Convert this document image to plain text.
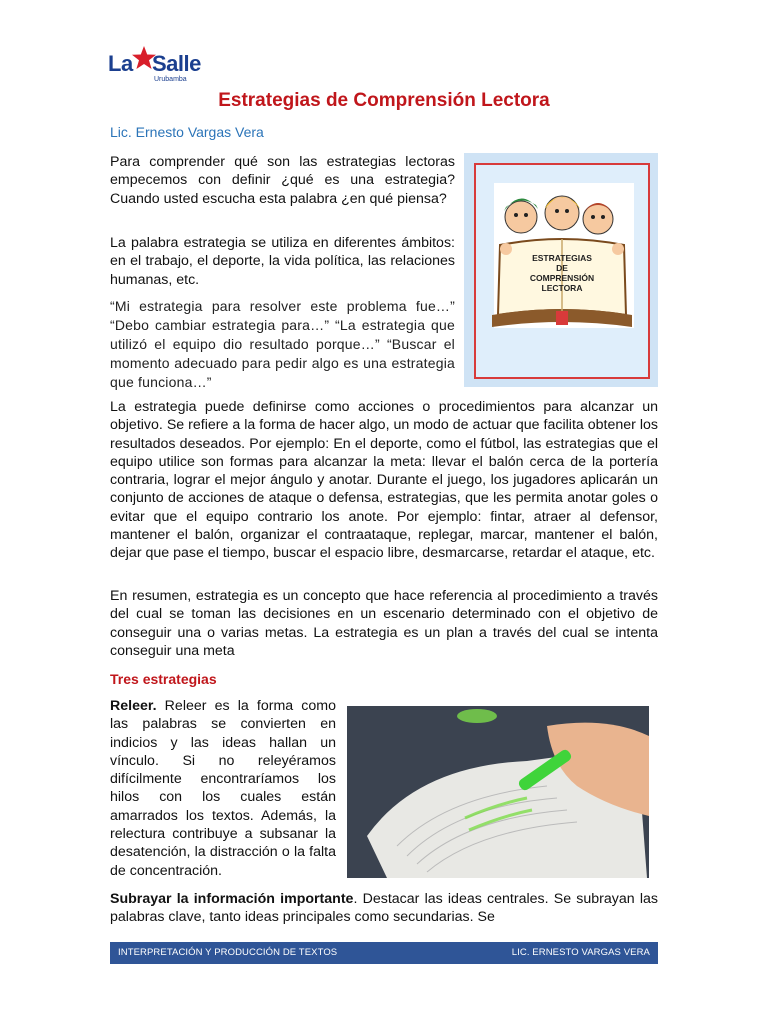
La Salle
Urubamba
Estrategias de Comprensión Lectora
Lic. Ernesto Vargas Vera

Para comprender qué son las estrategias lectoras empecemos con definir ¿qué es una estrategia? Cuando usted escucha esta palabra ¿en qué piensa?

La palabra estrategia se utiliza en diferentes ámbitos: en el trabajo, el deporte, la vida política, las relaciones humanas, etc.

“Mi estrategia para resolver este problema fue…” “Debo cambiar estrategia para…” “La estrategia que utilizó el equipo dio resultado porque…” “Buscar el momento adecuado para pedir algo es una estrategia que funciona…”

ESTRATEGIAS
DE
COMPRENSIÓN
LECTORA

La estrategia puede definirse como acciones o procedimientos para alcanzar un objetivo. Se refiere a la forma de hacer algo, un modo de actuar que facilita obtener los resultados deseados. Por ejemplo: En el deporte, como el fútbol, las estrategias que el equipo utilice son formas para alcanzar la meta: llevar el balón cerca de la portería contraria, lograr el mejor ángulo y anotar. Durante el juego, los jugadores aplicarán un conjunto de acciones de ataque o defensa, estrategias, que les permita anotar goles o evitar que el equipo contrario los anote. Por ejemplo: fintar, atraer al defensor, mantener el balón, organizar el contraataque, replegar, marcar, mantener el balón, dejar que pase el tiempo, buscar el espacio libre, desmarcarse, retardar el ataque, etc.

En resumen, estrategia es un concepto que hace referencia al procedimiento a través del cual se toman las decisiones en un escenario determinado con el objetivo de conseguir una o varias metas. La estrategia es un plan a través del cual se intenta conseguir una meta

Tres estrategias

Releer. Releer es la forma como las palabras se convierten en indicios y las ideas hallan un vínculo. Si no releyéramos difícilmente encontraríamos los hilos con los cuales están amarrados los textos. Además, la relectura contribuye a subsanar la desatención, la distracción o la falta de concentración.

Subrayar la información importante. Destacar las ideas centrales. Se subrayan las palabras clave, tanto ideas principales como secundarias. Se

INTERPRETACIÓN Y PRODUCCIÓN DE TEXTOS	LIC. ERNESTO VARGAS VERA
